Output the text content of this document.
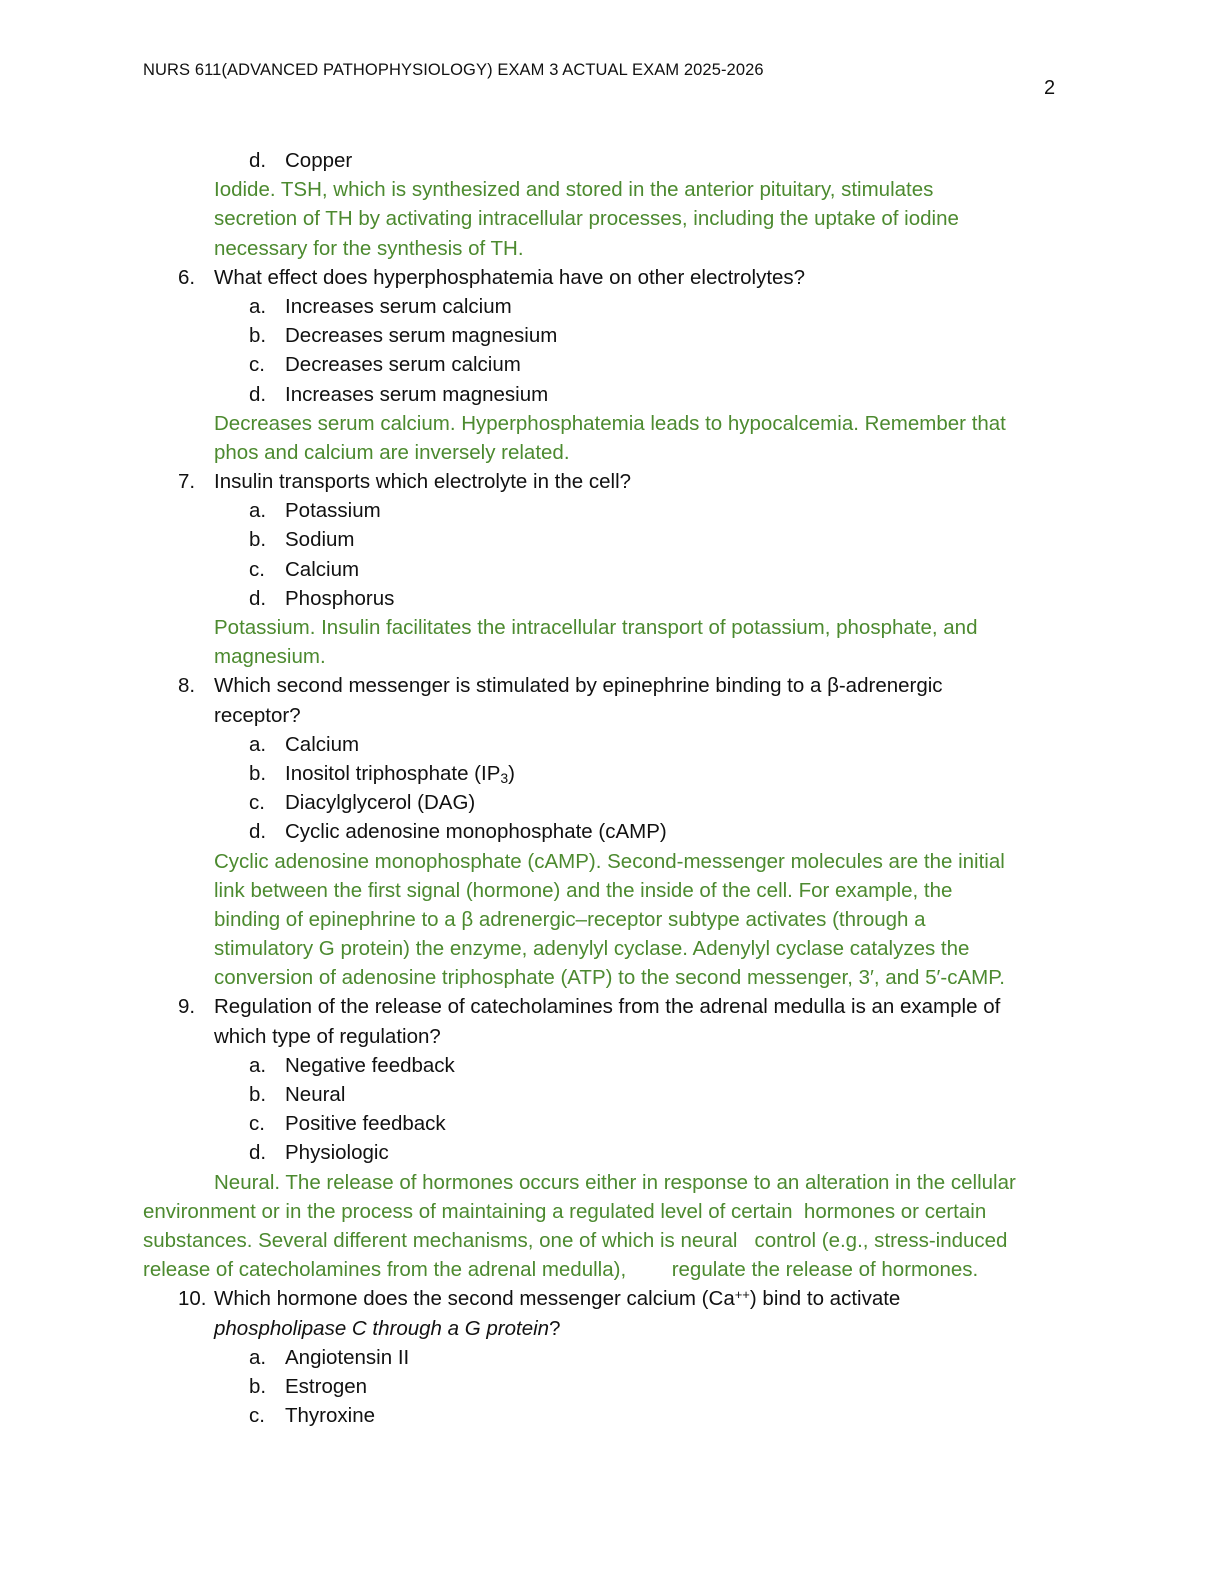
NURS 611(ADVANCED PATHOPHYSIOLOGY) EXAM 3 ACTUAL EXAM 2025-2026
2
d. Copper
Iodide. TSH, which is synthesized and stored in the anterior pituitary, stimulates
secretion of TH by activating intracellular processes, including the uptake of iodine
necessary for the synthesis of TH.
6. What effect does hyperphosphatemia have on other electrolytes?
a. Increases serum calcium
b. Decreases serum magnesium
c. Decreases serum calcium
d. Increases serum magnesium
Decreases serum calcium. Hyperphosphatemia leads to hypocalcemia. Remember that
phos and calcium are inversely related.
7. Insulin transports which electrolyte in the cell?
a. Potassium
b. Sodium
c. Calcium
d. Phosphorus
Potassium. Insulin facilitates the intracellular transport of potassium, phosphate, and
magnesium.
8. Which second messenger is stimulated by epinephrine binding to a β-adrenergic
receptor?
a. Calcium
b. Inositol triphosphate (IP3)
c. Diacylglycerol (DAG)
d. Cyclic adenosine monophosphate (cAMP)
Cyclic adenosine monophosphate (cAMP). Second-messenger molecules are the initial
link between the first signal (hormone) and the inside of the cell. For example, the
binding of epinephrine to a β adrenergic–receptor subtype activates (through a
stimulatory G protein) the enzyme, adenylyl cyclase. Adenylyl cyclase catalyzes the
conversion of adenosine triphosphate (ATP) to the second messenger, 3′, and 5′-cAMP.
9. Regulation of the release of catecholamines from the adrenal medulla is an example of
which type of regulation?
a. Negative feedback
b. Neural
c. Positive feedback
d. Physiologic
Neural. The release of hormones occurs either in response to an alteration in the cellular
environment or in the process of maintaining a regulated level of certain  hormones or certain
substances. Several different mechanisms, one of which is neural   control (e.g., stress-induced
release of catecholamines from the adrenal medulla),        regulate the release of hormones.
10. Which hormone does the second messenger calcium (Ca++) bind to activate
phospholipase C through a G protein?
a. Angiotensin II
b. Estrogen
c. Thyroxine
